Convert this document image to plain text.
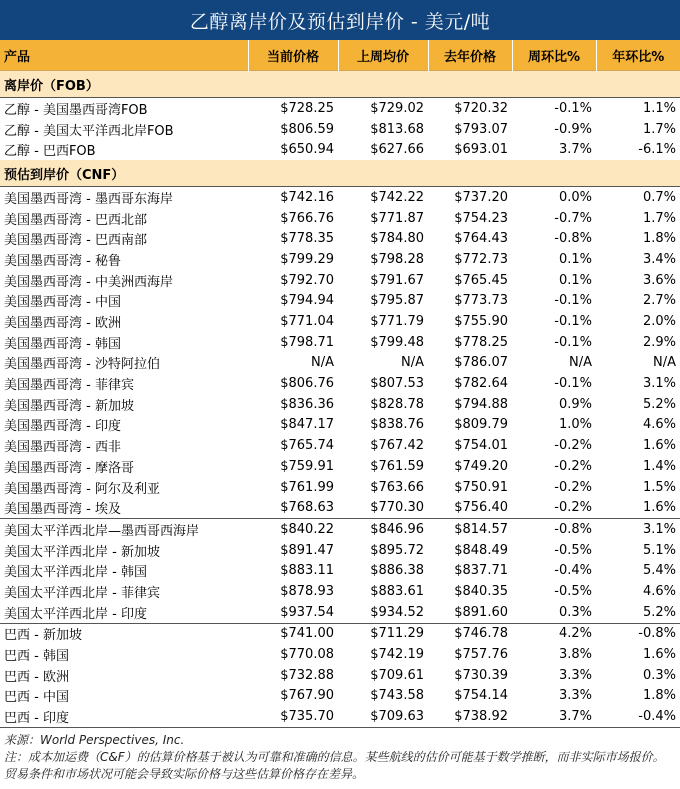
乙醇离岸价及预估到岸价 - 美元/吨
产品	当前价格	上周均价	去年价格	周环比%	年环比%
离岸价（FOB）					
乙醇 - 美国墨西哥湾FOB	$728.25	$729.02	$720.32	-0.1%	1.1%
乙醇 - 美国太平洋西北岸FOB	$806.59	$813.68	$793.07	-0.9%	1.7%
乙醇 - 巴西FOB	$650.94	$627.66	$693.01	3.7%	-6.1%
预估到岸价（CNF）					
美国墨西哥湾 - 墨西哥东海岸	$742.16	$742.22	$737.20	0.0%	0.7%
美国墨西哥湾 - 巴西北部	$766.76	$771.87	$754.23	-0.7%	1.7%
美国墨西哥湾 - 巴西南部	$778.35	$784.80	$764.43	-0.8%	1.8%
美国墨西哥湾 - 秘鲁	$799.29	$798.28	$772.73	0.1%	3.4%
美国墨西哥湾 - 中美洲西海岸	$792.70	$791.67	$765.45	0.1%	3.6%
美国墨西哥湾 - 中国	$794.94	$795.87	$773.73	-0.1%	2.7%
美国墨西哥湾 - 欧洲	$771.04	$771.79	$755.90	-0.1%	2.0%
美国墨西哥湾 - 韩国	$798.71	$799.48	$778.25	-0.1%	2.9%
美国墨西哥湾 - 沙特阿拉伯	N/A	N/A	$786.07	N/A	N/A
美国墨西哥湾 - 菲律宾	$806.76	$807.53	$782.64	-0.1%	3.1%
美国墨西哥湾 - 新加坡	$836.36	$828.78	$794.88	0.9%	5.2%
美国墨西哥湾 - 印度	$847.17	$838.76	$809.79	1.0%	4.6%
美国墨西哥湾 - 西非	$765.74	$767.42	$754.01	-0.2%	1.6%
美国墨西哥湾 - 摩洛哥	$759.91	$761.59	$749.20	-0.2%	1.4%
美国墨西哥湾 - 阿尔及利亚	$761.99	$763.66	$750.91	-0.2%	1.5%
美国墨西哥湾 - 埃及	$768.63	$770.30	$756.40	-0.2%	1.6%
美国太平洋西北岸—墨西哥西海岸	$840.22	$846.96	$814.57	-0.8%	3.1%
美国太平洋西北岸 - 新加坡	$891.47	$895.72	$848.49	-0.5%	5.1%
美国太平洋西北岸 - 韩国	$883.11	$886.38	$837.71	-0.4%	5.4%
美国太平洋西北岸 - 菲律宾	$878.93	$883.61	$840.35	-0.5%	4.6%
美国太平洋西北岸 - 印度	$937.54	$934.52	$891.60	0.3%	5.2%
巴西 - 新加坡	$741.00	$711.29	$746.78	4.2%	-0.8%
巴西 - 韩国	$770.08	$742.19	$757.76	3.8%	1.6%
巴西 - 欧洲	$732.88	$709.61	$730.39	3.3%	0.3%
巴西 - 中国	$767.90	$743.58	$754.14	3.3%	1.8%
巴西 - 印度	$735.70	$709.63	$738.92	3.7%	-0.4%
来源：World Perspectives, Inc.
注：成本加运费（C&F）的估算价格基于被认为可靠和准确的信息。某些航线的估价可能基于数学推断，而非实际市场报价。贸易条件和市场状况可能会导致实际价格与这些估算价格存在差异。
